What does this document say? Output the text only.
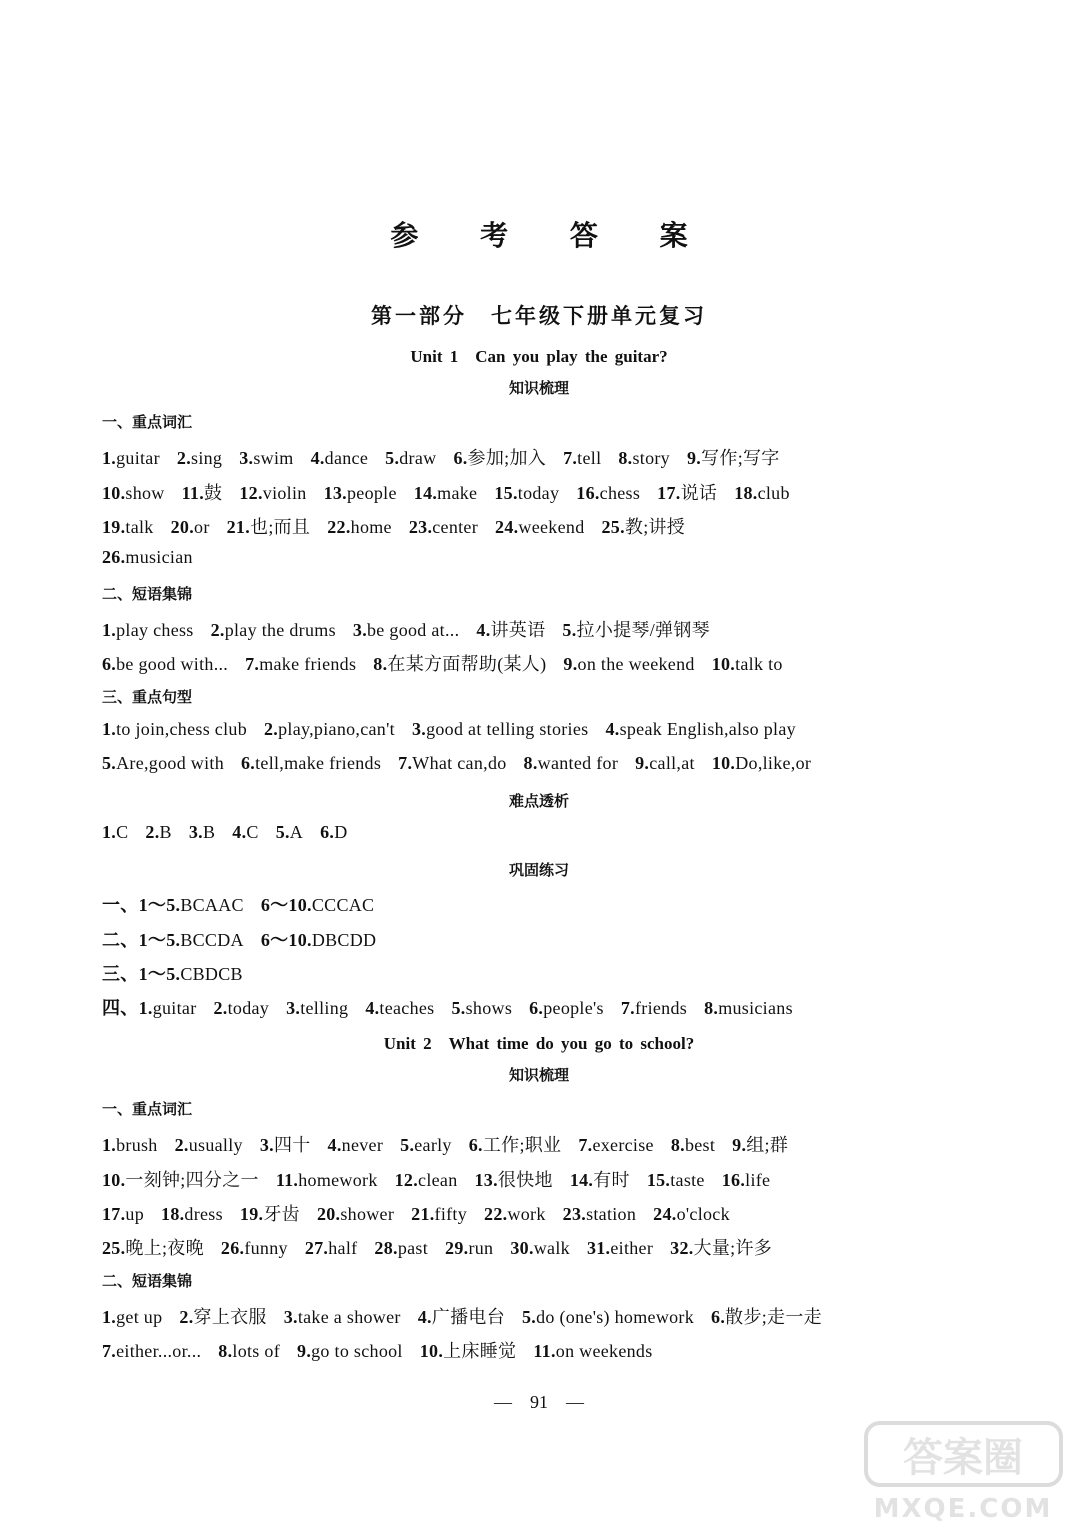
参 考 答 案
第一部分　七年级下册单元复习
Unit 1　Can you play the guitar?
知识梳理
一、重点词汇
1.guitar 2.sing 3.swim 4.dance 5.draw 6.参加;加入 7.tell 8.story 9.写作;写字
10.show 11.鼓 12.violin 13.people 14.make 15.today 16.chess 17.说话 18.club
19.talk 20.or 21.也;而且 22.home 23.center 24.weekend 25.教;讲授
26.musician
二、短语集锦
1.play chess 2.play the drums 3.be good at... 4.讲英语 5.拉小提琴/弹钢琴
6.be good with... 7.make friends 8.在某方面帮助(某人) 9.on the weekend 10.talk to
三、重点句型
1.to join,chess club 2.play,piano,can't 3.good at telling stories 4.speak English,also play
5.Are,good with 6.tell,make friends 7.What can,do 8.wanted for 9.call,at 10.Do,like,or
难点透析
1.C 2.B 3.B 4.C 5.A 6.D
巩固练习
一、1～5.BCAAC 6～10.CCCAC
二、1～5.BCCDA 6～10.DBCDD
三、1～5.CBDCB
四、1.guitar 2.today 3.telling 4.teaches 5.shows 6.people's 7.friends 8.musicians
Unit 2　What time do you go to school?
知识梳理
一、重点词汇
1.brush 2.usually 3.四十 4.never 5.early 6.工作;职业 7.exercise 8.best 9.组;群
10.一刻钟;四分之一 11.homework 12.clean 13.很快地 14.有时 15.taste 16.life
17.up 18.dress 19.牙齿 20.shower 21.fifty 22.work 23.station 24.o'clock
25.晚上;夜晚 26.funny 27.half 28.past 29.run 30.walk 31.either 32.大量;许多
二、短语集锦
1.get up 2.穿上衣服 3.take a shower 4.广播电台 5.do (one's) homework 6.散步;走一走
7.either...or... 8.lots of 9.go to school 10.上床睡觉 11.on weekends
—　91　—
答案圈
MXQE.COM
